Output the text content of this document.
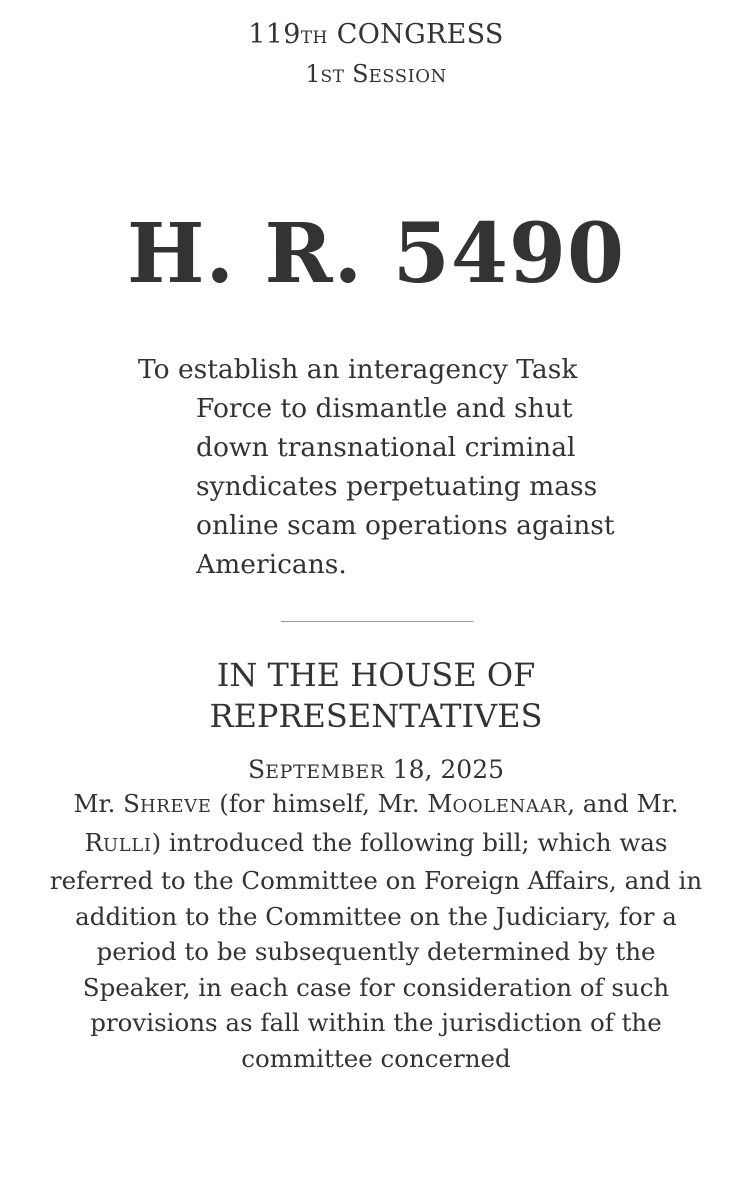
119TH CONGRESS
1ST SESSION
H. R. 5490
To establish an interagency Task Force to dismantle and shut down transnational criminal syndicates perpetuating mass online scam operations against Americans.
IN THE HOUSE OF
REPRESENTATIVES
SEPTEMBER 18, 2025
Mr. SHREVE (for himself, Mr. MOOLENAAR, and Mr. RULLI) introduced the following bill; which was referred to the Committee on Foreign Affairs, and in addition to the Committee on the Judiciary, for a period to be subsequently determined by the Speaker, in each case for consideration of such provisions as fall within the jurisdiction of the committee concerned
